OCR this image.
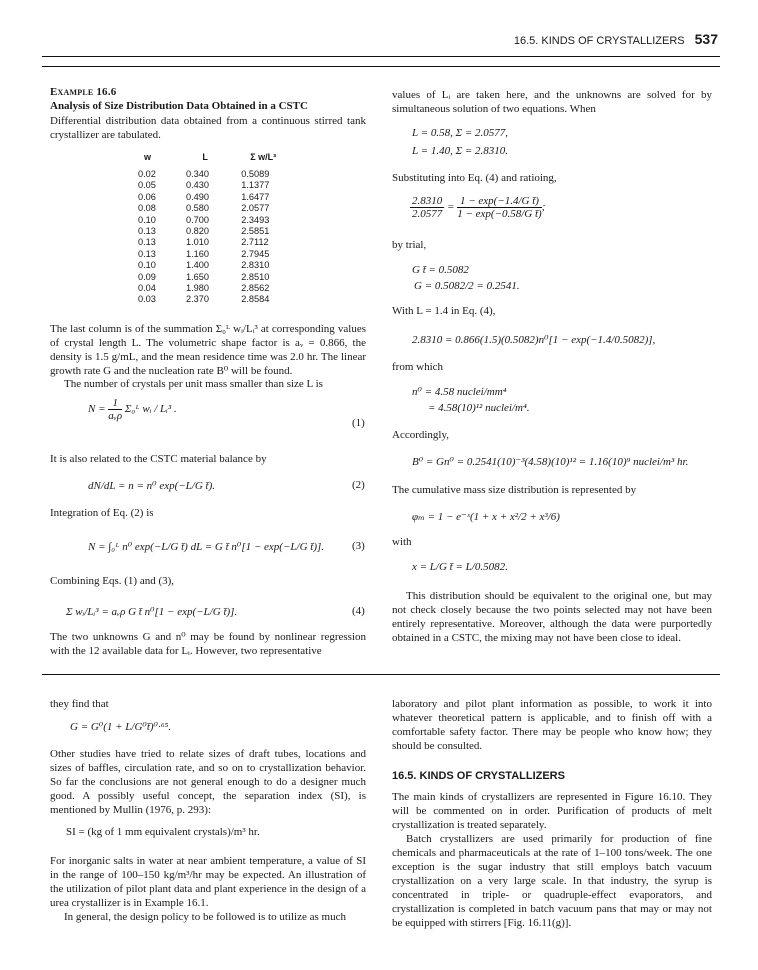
16.5. KINDS OF CRYSTALLIZERS 537
Example 16.6
Analysis of Size Distribution Data Obtained in a CSTC
Differential distribution data obtained from a continuous stirred tank crystallizer are tabulated.
w	L	Σ w/L³
0.02	0.340	0.5089
0.05	0.430	1.1377
0.06	0.490	1.6477
0.08	0.580	2.0577
0.10	0.700	2.3493
0.13	0.820	2.5851
0.13	1.010	2.7112
0.13	1.160	2.7945
0.10	1.400	2.8310
0.09	1.650	2.8510
0.04	1.980	2.8562
0.03	2.370	2.8584
The last column is of the summation Σ₀ᴸ wᵢ/Lᵢ³ at corresponding values of crystal length L. The volumetric shape factor is aᵥ = 0.866, the density is 1.5 g/mL, and the mean residence time was 2.0 hr. The linear growth rate G and the nucleation rate B⁰ will be found.
The number of crystals per unit mass smaller than size L is
$N = \frac{1}{\text{aᵥρ}}$ Σ₀ᴸ wᵢ / Lᵢ³ .
(1)
It is also related to the CSTC material balance by
dN/dL = n = n⁰ exp(−L/G t̄).	(2)
Integration of Eq. (2) is
N = ∫₀ᴸ n⁰ exp(−L/G t̄) dL = G t̄ n⁰[1 − exp(−L/G t̄)].	(3)
Combining Eqs. (1) and (3),
Σ wᵢ/Lᵢ³ = aᵥρ G t̄ n⁰[1 − exp(−L/G t̄)].	(4)
The two unknowns G and n⁰ may be found by nonlinear regression with the 12 available data for Lᵢ. However, two representative
values of Lᵢ are taken here, and the unknowns are solved for by simultaneous solution of two equations. When
L = 0.58, Σ = 2.0577,
L = 1.40, Σ = 2.8310.
Substituting into Eq. (4) and ratioing,
$\frac{2.8310}{2.0577} = \frac{\text{1 − exp(−1.4/G t̄)}}{\text{1 − exp(−0.58/G t̄)}}$ ;
by trial,
G t̄ = 0.5082
G = 0.5082/2 = 0.2541.
With L = 1.4 in Eq. (4),
2.8310 = 0.866(1.5)(0.5082)n⁰[1 − exp(−1.4/0.5082)],
from which
n⁰ = 4.58 nuclei/mm⁴
= 4.58(10)¹² nuclei/m⁴.
Accordingly,
B⁰ = Gn⁰ = 0.2541(10)⁻³(4.58)(10)¹² = 1.16(10)⁹ nuclei/m³ hr.
The cumulative mass size distribution is represented by
φₘ = 1 − e⁻ˣ(1 + x + x²/2 + x³/6)
with
x = L/G t̄ = L/0.5082.
This distribution should be equivalent to the original one, but may not check closely because the two points selected may not have been entirely representative. Moreover, although the data were purportedly obtained in a CSTC, the mixing may not have been close to ideal.
they find that
G = G⁰(1 + L/G⁰t̄)⁰·⁶⁵.
Other studies have tried to relate sizes of draft tubes, locations and sizes of baffles, circulation rate, and so on to crystallization behavior. So far the conclusions are not general enough to do a designer much good. A possibly useful concept, the separation index (SI), is mentioned by Mullin (1976, p. 293):
SI = (kg of 1 mm equivalent crystals)/m³ hr.
For inorganic salts in water at near ambient temperature, a value of SI in the range of 100–150 kg/m³/hr may be expected. An illustration of the utilization of pilot plant data and plant experience in the design of a urea crystallizer is in Example 16.1.
In general, the design policy to be followed is to utilize as much
laboratory and pilot plant information as possible, to work it into whatever theoretical pattern is applicable, and to finish off with a comfortable safety factor. There may be people who know how; they should be consulted.
16.5. KINDS OF CRYSTALLIZERS
The main kinds of crystallizers are represented in Figure 16.10. They will be commented on in order. Purification of products of melt crystallization is treated separately.
Batch crystallizers are used primarily for production of fine chemicals and pharmaceuticals at the rate of 1–100 tons/week. The one exception is the sugar industry that still employs batch vacuum crystallization on a very large scale. In that industry, the syrup is concentrated in triple- or quadruple-effect evaporators, and crystallization is completed in batch vacuum pans that may or may not be equipped with stirrers [Fig. 16.11(g)].
